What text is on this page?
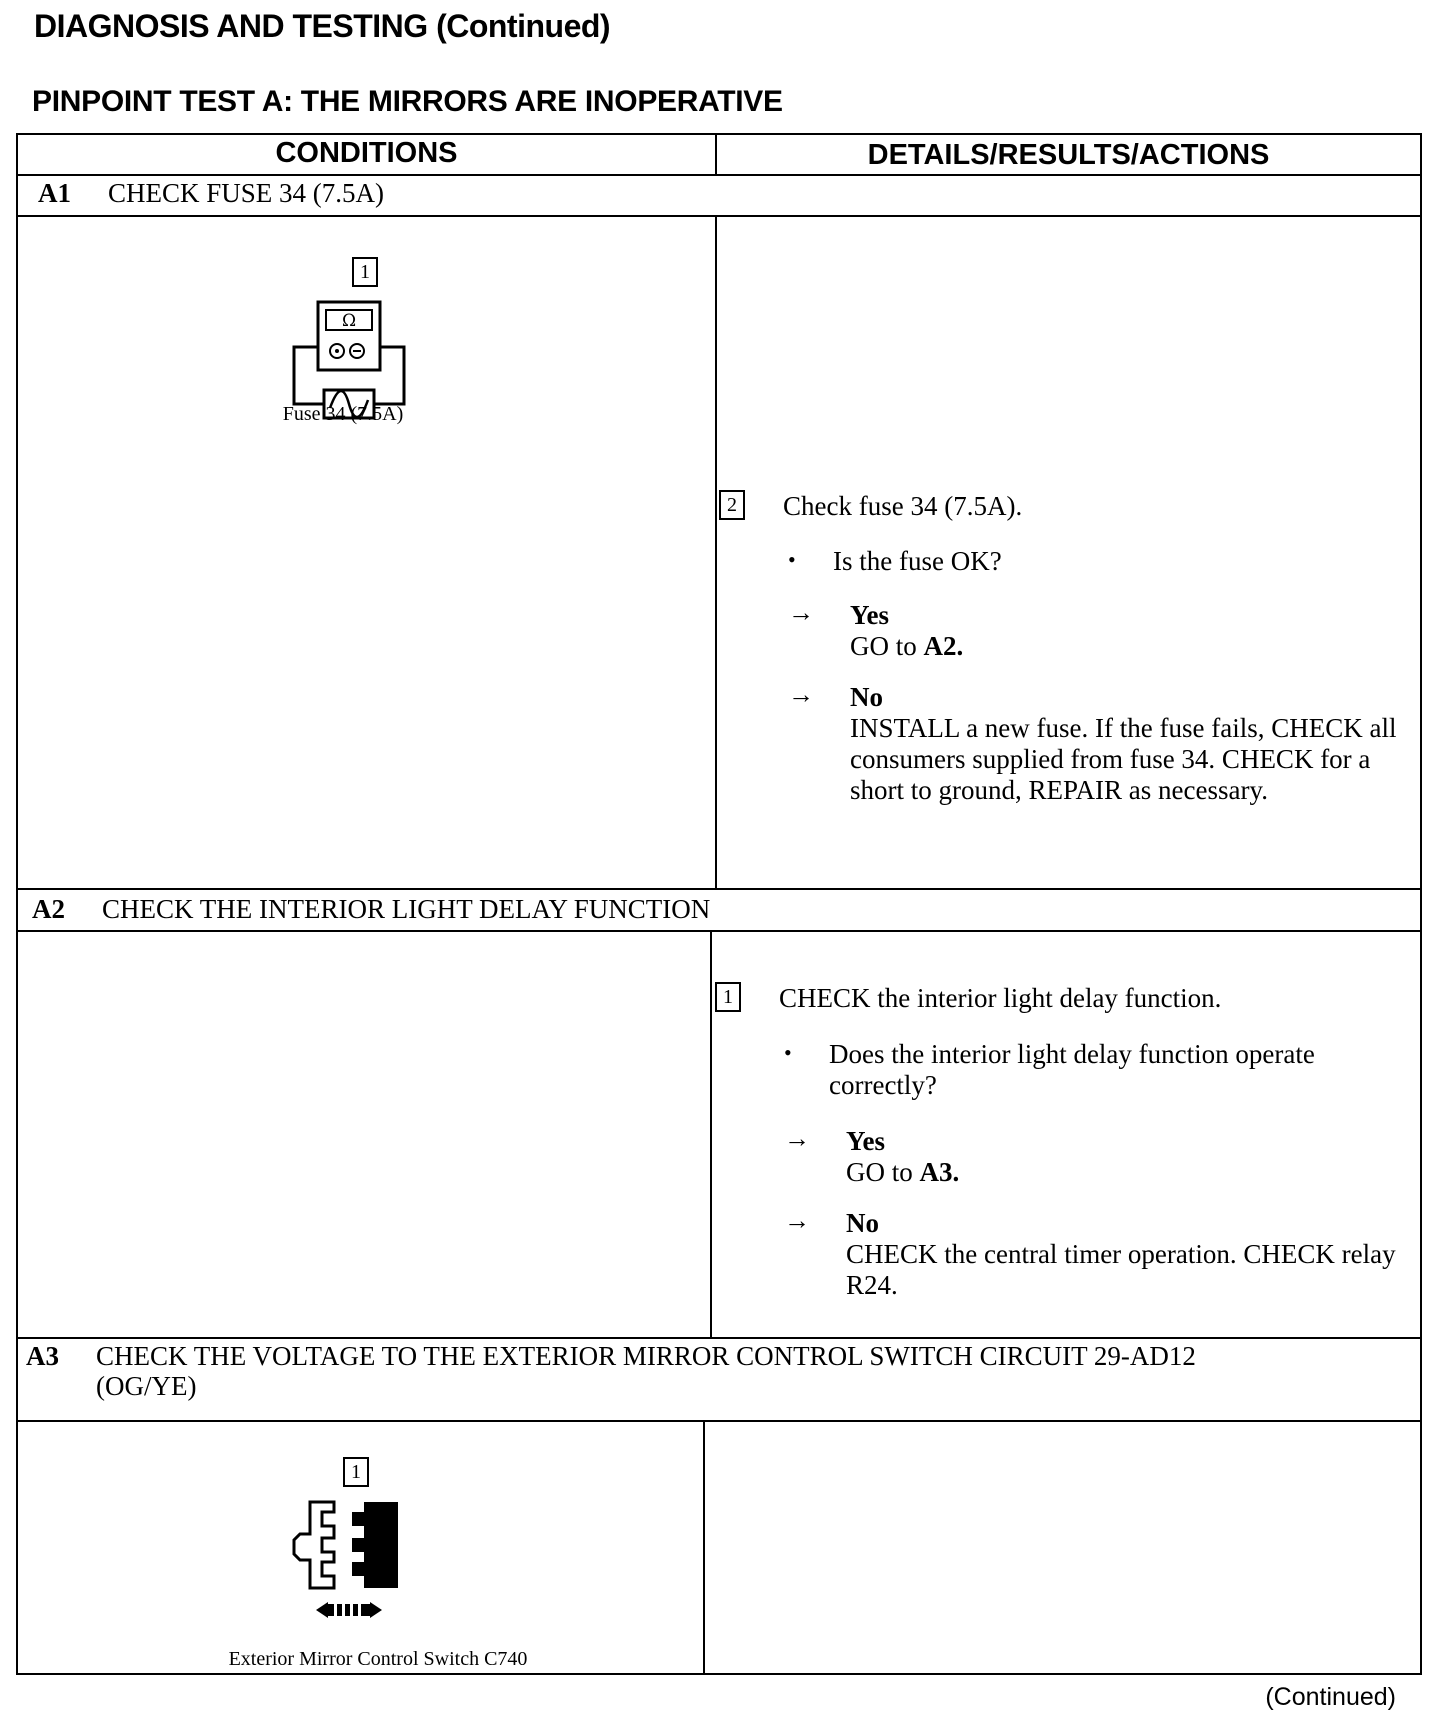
DIAGNOSIS AND TESTING (Continued)
PINPOINT TEST A: THE MIRRORS ARE INOPERATIVE
CONDITIONS	DETAILS/RESULTS/ACTIONS
A1 CHECK FUSE 34 (7.5A)
1
Ω
Fuse 34 (7.5A)
2 Check fuse 34 (7.5A).
• Is the fuse OK?
→ Yes
GO to A2.
→ No
INSTALL a new fuse. If the fuse fails, CHECK all consumers supplied from fuse 34. CHECK for a short to ground, REPAIR as necessary.
A2 CHECK THE INTERIOR LIGHT DELAY FUNCTION
1 CHECK the interior light delay function.
• Does the interior light delay function operate correctly?
→ Yes
GO to A3.
→ No
CHECK the central timer operation. CHECK relay R24.
A3 CHECK THE VOLTAGE TO THE EXTERIOR MIRROR CONTROL SWITCH CIRCUIT 29-AD12
(OG/YE)
1
Exterior Mirror Control Switch C740
(Continued)
